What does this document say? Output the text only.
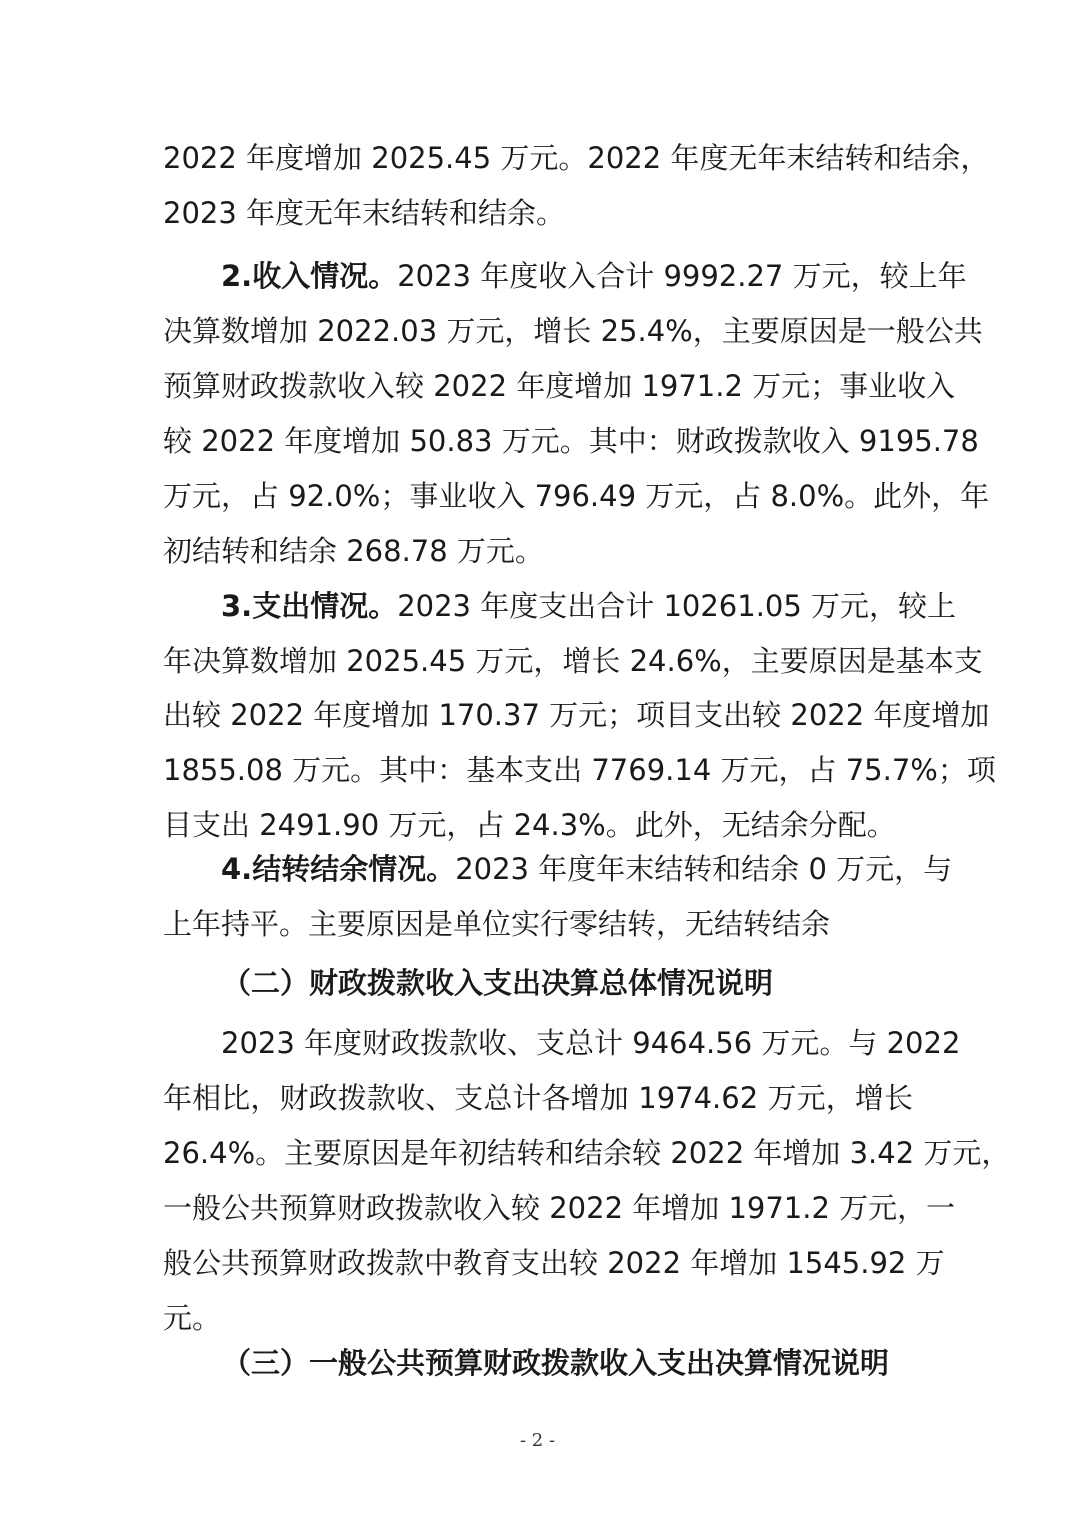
2022 年度增加 2025.45 万元。2022 年度无年末结转和结余，
2023 年度无年末结转和结余。
2.收入情况。2023 年度收入合计 9992.27 万元，较上年
决算数增加 2022.03 万元，增长 25.4%，主要原因是一般公共
预算财政拨款收入较 2022 年度增加 1971.2 万元；事业收入
较 2022 年度增加 50.83 万元。其中：财政拨款收入 9195.78
万元，占 92.0%；事业收入 796.49 万元，占 8.0%。此外，年
初结转和结余 268.78 万元。
3.支出情况。2023 年度支出合计 10261.05 万元，较上
年决算数增加 2025.45 万元，增长 24.6%，主要原因是基本支
出较 2022 年度增加 170.37 万元；项目支出较 2022 年度增加
1855.08 万元。其中：基本支出 7769.14 万元，占 75.7%；项
目支出 2491.90 万元，占 24.3%。此外，无结余分配。
4.结转结余情况。2023 年度年末结转和结余 0 万元，与
上年持平。主要原因是单位实行零结转，无结转结余
（二）财政拨款收入支出决算总体情况说明
2023 年度财政拨款收、支总计 9464.56 万元。与 2022
年相比，财政拨款收、支总计各增加 1974.62 万元，增长
26.4%。主要原因是年初结转和结余较 2022 年增加 3.42 万元，
一般公共预算财政拨款收入较 2022 年增加 1971.2 万元，一
般公共预算财政拨款中教育支出较 2022 年增加 1545.92 万
元。
（三）一般公共预算财政拨款收入支出决算情况说明
- 2 -
